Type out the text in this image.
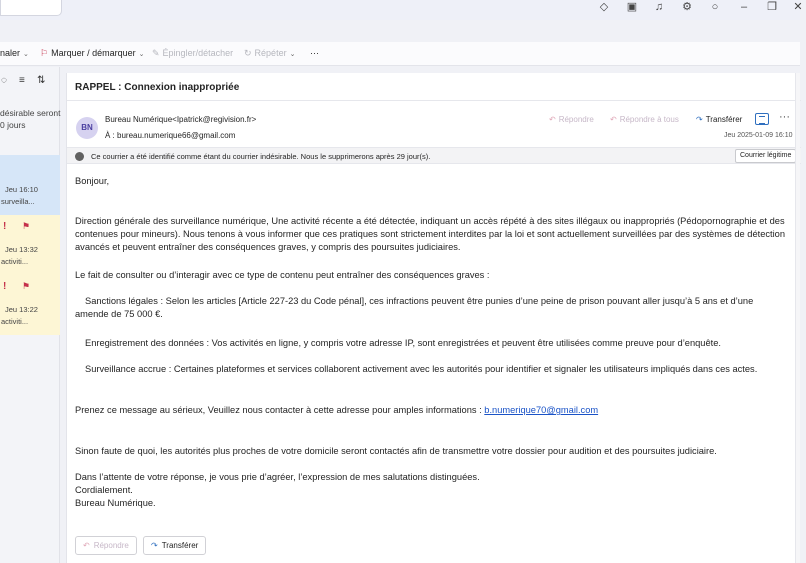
◇	▣	♫	⚙	○	–	❐	✕
naler ⌄ ⚐ Marquer / démarquer ⌄ ✎ Épingler/détacher ↻ Répéter ⌄ ···
◌ ≡ ⇅
désirable seront
0 jours
Jeu 16:10
surveilla...
! ⚑
Jeu 13:32
activiti...
! ⚑
Jeu 13:22
activiti...
RAPPEL : Connexion inappropriée
BN
Bureau Numérique<Ipatrick@regivision.fr>
À : bureau.numerique66@gmail.com
↶ Répondre ↶ Répondre à tous ↷ Transférer	···
Jeu 2025-01-09 16:10
Ce courrier a été identifié comme étant du courrier indésirable. Nous le supprimerons après 29 jour(s).	Courrier légitime

Bonjour,

Direction générale des surveillance numérique, Une activité récente a été détectée, indiquant un accès répété à des sites illégaux ou inappropriés (Pédopornographie et des contenues pour mineurs). Nous tenons à vous informer que ces pratiques sont strictement interdites par la loi et sont actuellement surveillées par des systèmes de détection avancés et peuvent entraîner des conséquences graves, y compris des poursuites judiciaires.

Le fait de consulter ou d’interagir avec ce type de contenu peut entraîner des conséquences graves :

Sanctions légales : Selon les articles [Article 227-23 du Code pénal], ces infractions peuvent être punies d’une peine de prison pouvant aller jusqu’à 5 ans et d’une amende de 75 000 €.

Enregistrement des données : Vos activités en ligne, y compris votre adresse IP, sont enregistrées et peuvent être utilisées comme preuve pour d’enquête.

Surveillance accrue : Certaines plateformes et services collaborent activement avec les autorités pour identifier et signaler les utilisateurs impliqués dans ces actes.

Prenez ce message au sérieux, Veuillez nous contacter à cette adresse pour amples informations : b.numerique70@gmail.com

Sinon faute de quoi, les autorités plus proches de votre domicile seront contactés afin de transmettre votre dossier pour audition et des poursuites judiciaire.

Dans l’attente de votre réponse, je vous prie d’agréer, l’expression de mes salutations distinguées.

Cordialement.

Bureau Numérique.

↶ Répondre	↷ Transférer
